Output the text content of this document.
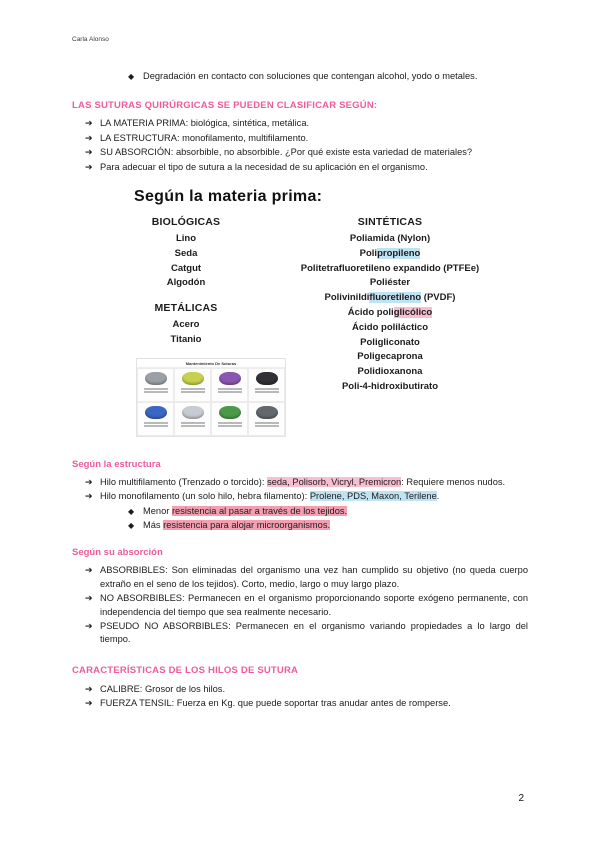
Carla Alonso
◆ Degradación en contacto con soluciones que contengan alcohol, yodo o metales.
LAS SUTURAS QUIRÚRGICAS SE PUEDEN CLASIFICAR SEGÚN:
➔ LA MATERIA PRIMA: biológica, sintética, metálica.
➔ LA ESTRUCTURA: monofilamento, multifilamento.
➔ SU ABSORCIÓN: absorbible, no absorbible. ¿Por qué existe esta variedad de materiales?
➔ Para adecuar el tipo de sutura a la necesidad de su aplicación en el organismo.
Según la materia prima:
BIOLÓGICAS
Lino
Seda
Catgut
Algodón
METÁLICAS
Acero
Titanio
Mantenimiento De Suturas
SINTÉTICAS
Poliamida (Nylon)
Polipropileno
Politetrafluoretileno expandido (PTFEe)
Poliéster
Polivinildifluoretileno (PVDF)
Ácido poliglicólico
Ácido poliláctico
Poligliconato
Poligecaprona
Polidioxanona
Poli-4-hidroxibutirato
Según la estructura
➔ Hilo multifilamento (Trenzado o torcido): seda, Polisorb, Vicryl, Premicron: Requiere menos nudos.
➔ Hilo monofilamento (un solo hilo, hebra filamento): Prolene, PDS, Maxon, Terilene.
◆ Menor resistencia al pasar a través de los tejidos.
◆ Más resistencia para alojar microorganismos.
Según su absorción
➔ ABSORBIBLES: Son eliminadas del organismo una vez han cumplido su objetivo (no queda cuerpo extraño en el seno de los tejidos). Corto, medio, largo o muy largo plazo.
➔ NO ABSORBIBLES: Permanecen en el organismo proporcionando soporte exógeno permanente, con independencia del tiempo que sea realmente necesario.
➔ PSEUDO NO ABSORBIBLES: Permanecen en el organismo variando propiedades a lo largo del tiempo.
CARACTERÍSTICAS DE LOS HILOS DE SUTURA
➔ CALIBRE: Grosor de los hilos.
➔ FUERZA TENSIL: Fuerza en Kg. que puede soportar tras anudar antes de romperse.
2
